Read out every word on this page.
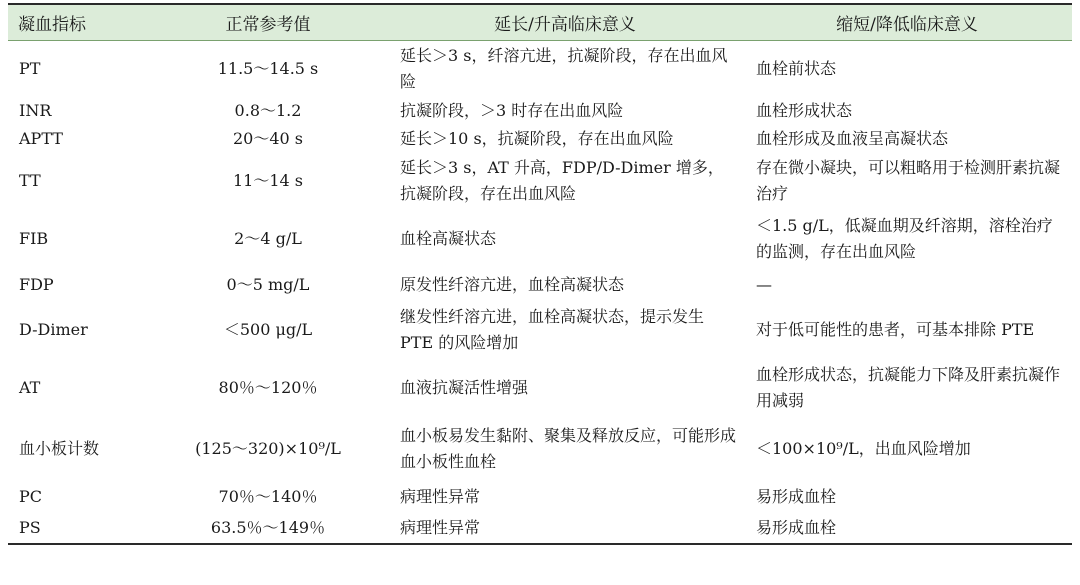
凝血指标	正常参考值	延长/升高临床意义	缩短/降低临床意义
PT	11.5～14.5 s	延长＞3 s，纤溶亢进，抗凝阶段，存在出血风险	血栓前状态
INR	0.8～1.2	抗凝阶段，＞3 时存在出血风险	血栓形成状态
APTT	20～40 s	延长＞10 s，抗凝阶段，存在出血风险	血栓形成及血液呈高凝状态
TT	11～14 s	延长＞3 s，AT 升高，FDP/D-Dimer 增多，抗凝阶段，存在出血风险	存在微小凝块，可以粗略用于检测肝素抗凝治疗
FIB	2～4 g/L	血栓高凝状态	＜1.5 g/L，低凝血期及纤溶期，溶栓治疗的监测，存在出血风险
FDP	0～5 mg/L	原发性纤溶亢进，血栓高凝状态	—
D-Dimer	＜500 μg/L	继发性纤溶亢进，血栓高凝状态，提示发生 PTE 的风险增加	对于低可能性的患者，可基本排除 PTE
AT	80％～120％	血液抗凝活性增强	血栓形成状态，抗凝能力下降及肝素抗凝作用减弱
血小板计数	(125～320)×10⁹/L	血小板易发生黏附、聚集及释放反应，可能形成血小板性血栓	＜100×10⁹/L，出血风险增加
PC	70％～140％	病理性异常	易形成血栓
PS	63.5％～149％	病理性异常	易形成血栓
